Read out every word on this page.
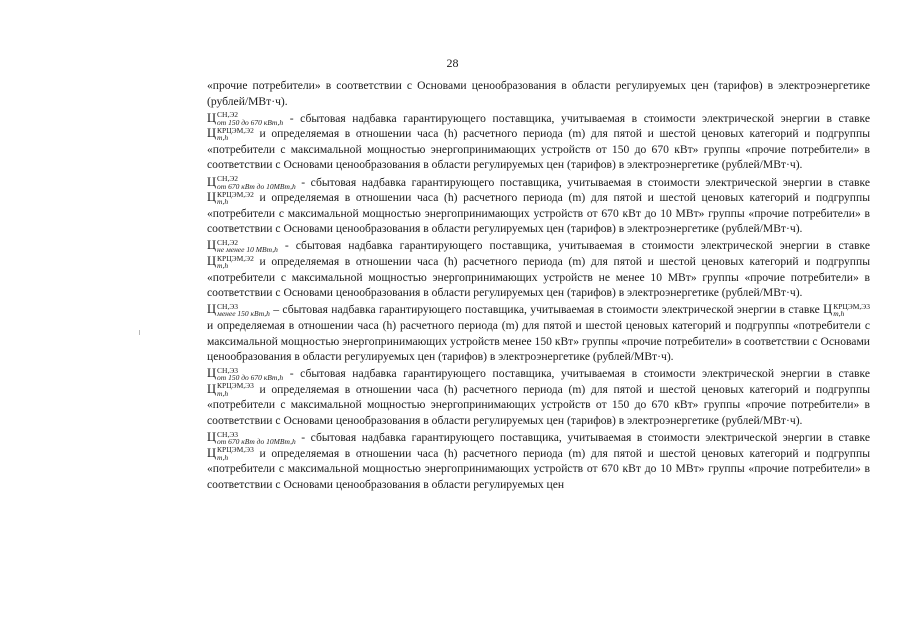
28

«прочие потребители» в соответствии с Основами ценообразования в области регулируемых цен (тарифов) в электроэнергетике (рублей/МВт·ч).

Ц СН,Э2
от 150 до 670 кВт,h - сбытовая надбавка гарантирующего поставщика, учитываемая в стоимости электрической энергии в ставке Ц КРЦЭМ,Э2
m,h	и определяемая в отношении часа (h) расчетного периода (m) для пятой и шестой ценовых категорий и подгруппы «потребители с максимальной мощностью энергопринимающих устройств от 150 до 670 кВт» группы «прочие потребители» в соответствии с Основами ценообразования в области регулируемых цен (тарифов) в электроэнергетике (рублей/МВт·ч).

Ц СН,Э2
от 670 кВт до 10МВт,h - сбытовая надбавка гарантирующего поставщика, учитываемая в стоимости электрической энергии в ставке Ц КРЦЭМ,Э2
m,h	и определяемая в отношении часа (h) расчетного периода (m) для пятой и шестой ценовых категорий и подгруппы «потребители с максимальной мощностью энергопринимающих устройств от 670 кВт до 10 МВт» группы «прочие потребители» в соответствии с Основами ценообразования в области регулируемых цен (тарифов) в электроэнергетике (рублей/МВт·ч).

Ц СН,Э2
не менее 10 МВт,h - сбытовая надбавка гарантирующего поставщика, учитываемая в стоимости электрической энергии в ставке Ц КРЦЭМ,Э2
m,h	и определяемая в отношении часа (h) расчетного периода (m) для пятой и шестой ценовых категорий и подгруппы «потребители с максимальной мощностью энергопринимающих устройств не менее 10 МВт» группы «прочие потребители» в соответствии с Основами ценообразования в области регулируемых цен (тарифов) в электроэнергетике (рублей/МВт·ч).

Ц СН,Э3
менее 150 кВт,h – сбытовая надбавка гарантирующего поставщика, учитываемая в стоимости электрической энергии в ставке Ц КРЦЭМ,Э3
m,h
и определяемая в отношении часа (h) расчетного периода (m) для пятой и шестой ценовых категорий и подгруппы «потребители с максимальной мощностью энергопринимающих устройств менее 150 кВт» группы «прочие потребители» в соответствии с Основами ценообразования в области регулируемых цен (тарифов) в электроэнергетике (рублей/МВт·ч).

Ц СН,Э3
от 150 до 670 кВт,h - сбытовая надбавка гарантирующего поставщика, учитываемая в стоимости электрической энергии в ставке Ц КРЦЭМ,Э3
m,h	и определяемая в отношении часа (h) расчетного периода (m) для пятой и шестой ценовых категорий и подгруппы «потребители с максимальной мощностью энергопринимающих устройств от 150 до 670 кВт» группы «прочие потребители» в соответствии с Основами ценообразования в области регулируемых цен (тарифов) в электроэнергетике (рублей/МВт·ч).

Ц СН,Э3
от 670 кВт до 10МВт,h - сбытовая надбавка гарантирующего поставщика, учитываемая в стоимости электрической энергии в ставке Ц КРЦЭМ,Э3
m,h	и определяемая в отношении часа (h) расчетного периода (m) для пятой и шестой ценовых категорий и подгруппы «потребители с максимальной мощностью энергопринимающих устройств от 670 кВт до 10 МВт» группы «прочие потребители» в соответствии с Основами ценообразования в области регулируемых цен
